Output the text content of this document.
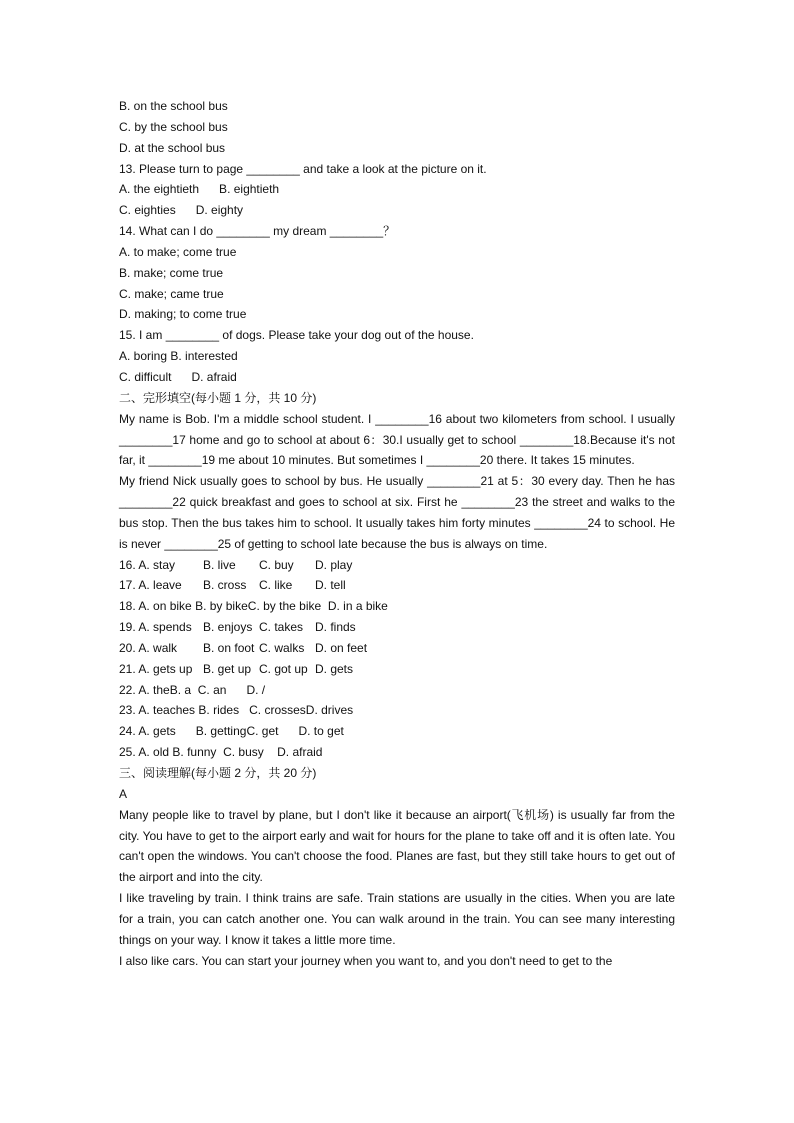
B. on the school bus
C. by the school bus
D. at the school bus
13. Please turn to page ________ and take a look at the picture on it.
A. the eightieth      B. eightieth
C. eighties      D. eighty
14. What can I do ________ my dream ________？
A. to make; come true
B. make; come true
C. make; came true
D. making; to come true
15. I am ________ of dogs. Please take your dog out of the house.
A. boring B. interested
C. difficult      D. afraid
二、完形填空(每小题 1 分，共 10 分)
My name is Bob. I'm a middle school student. I ________16 about two kilometers from school. I usually ________17 home and go to school at about 6：30.I usually get to school ________18.Because it's not far, it ________19 me about 10 minutes. But sometimes I ________20 there. It takes 15 minutes.
My friend Nick usually goes to school by bus. He usually ________21 at 5：30 every day. Then he has ________22 quick breakfast and goes to school at six. First he ________23 the street and walks to the bus stop. Then the bus takes him to school. It usually takes him forty minutes ________24 to school. He is never ________25 of getting to school late because the bus is always on time.
16. A. stay	B. live	C. buy	D. play
17. A. leave	B. cross	C. like	D. tell
18. A. on bike B. by bikeC. by the bike D. in a bike
19. A. spends B. enjoys C. takes D. finds
20. A. walk	B. on foot C. walks D. on feet
21. A. gets up B. get up C. got up D. gets
22. A. theB. a C. an D. /
23. A. teaches B. rides C. crossesD. drives
24. A. gets B. gettingC. get D. to get
25. A. old B. funny C. busy D. afraid
三、阅读理解(每小题 2 分，共 20 分)
A
Many people like to travel by plane, but I don't like it because an airport(飞机场) is usually far from the city. You have to get to the airport early and wait for hours for the plane to take off and it is often late. You can't open the windows. You can't choose the food. Planes are fast, but they still take hours to get out of the airport and into the city.
I like traveling by train. I think trains are safe. Train stations are usually in the cities. When you are late for a train, you can catch another one. You can walk around in the train. You can see many interesting things on your way. I know it takes a little more time.
I also like cars. You can start your journey when you want to, and you don't need to get to the
